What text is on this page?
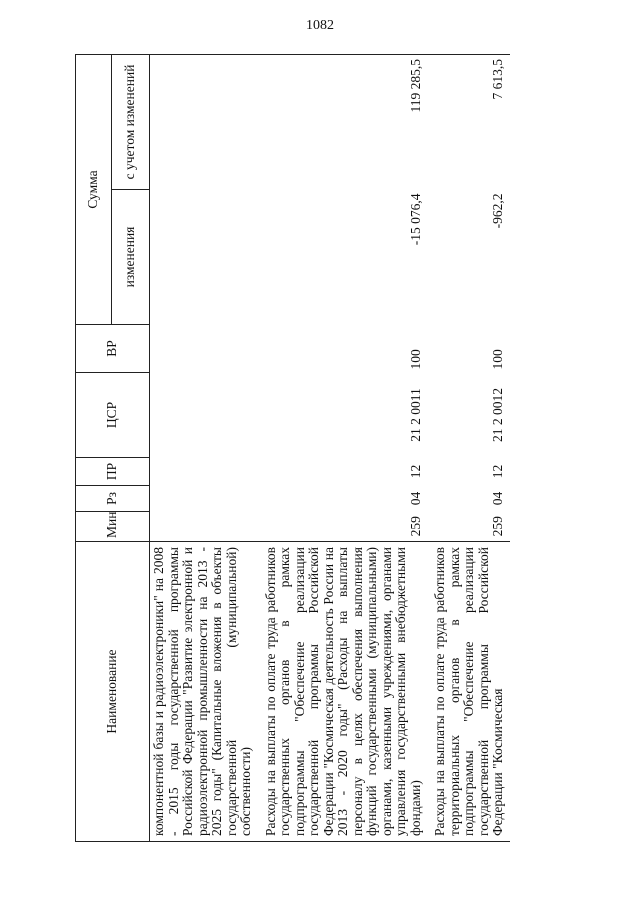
1082
Наименование	Мин	Рз	ПР	ЦСР	ВР	Сумма	
						изменения	с учетом изменений
компонентной базы и радиоэлектроники" на 2008 - 2015 годы государственной программы Российской Федерации "Развитие электронной и радиоэлектронной промышленности на 2013 - 2025 годы" (Капитальные вложения в объекты государственной (муниципальной) собственности)							
Расходы на выплаты по оплате труда работников государственных органов в рамках подпрограммы "Обеспечение реализации государственной программы Российской Федерации "Космическая деятельность России на 2013 - 2020 годы" (Расходы на выплаты персоналу в целях обеспечения выполнения функций государственными (муниципальными) органами, казенными учреждениями, органами управления государственными внебюджетными фондами)	259	04	12	21 2 0011	100	-15 076,4	119 285,5
Расходы на выплаты по оплате труда работников территориальных органов в рамках подпрограммы "Обеспечение реализации государственной программы Российской Федерации "Космическая	259	04	12	21 2 0012	100	-962,2	7 613,5
